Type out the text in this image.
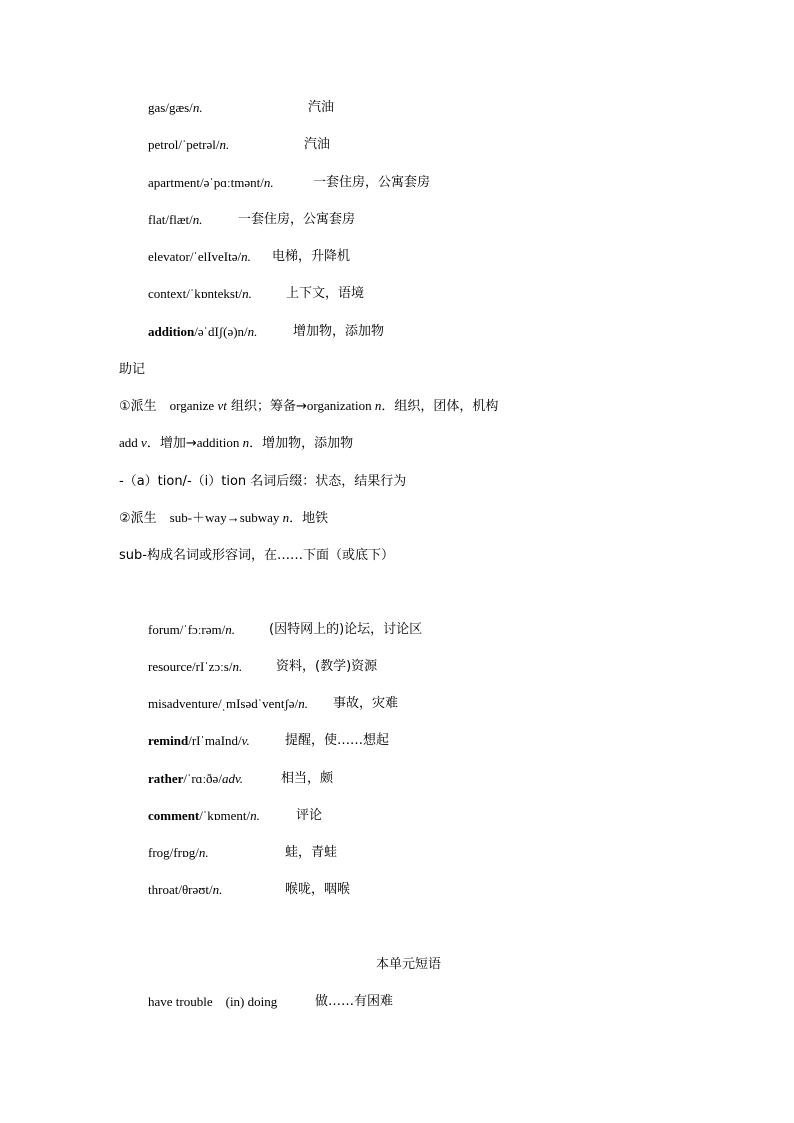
gas/gæs/n.	汽油
petrol/ˈpetrəl/n.	汽油
apartment/əˈpɑːtmənt/n.	一套住房，公寓套房
flat/flæt/n.	一套住房，公寓套房
elevator/ˈelIveItə/n. 电梯，升降机
context/ˈkɒntekst/n.	上下文，语境
addition/əˈdIʃ(ə)n/n.	增加物，添加物
助记
①派生 organize vt 组织；筹备→organization n．组织，团体，机构
add v．增加→addition n．增加物，添加物
-（a）tion/-（i）tion 名词后缀：状态，结果行为
②派生 sub-＋way→subway n．地铁
sub-构成名词或形容词，在……下面（或底下）
forum/ˈfɔːrəm/n.	(因特网上的)论坛，讨论区
resource/rIˈzɔːs/n.	资料，(教学)资源
misadventure/ˌmIsədˈventʃə/n. 事故，灾难
remind/rIˈmaInd/v.	提醒，使……想起
rather/ˈrɑːðə/adv.	相当，颇
comment/ˈkɒment/n.	评论
frog/frɒg/n.	蛙，青蛙
throat/θrəʊt/n.	喉咙，咽喉
本单元短语
have trouble　(in) doing	做……有困难
